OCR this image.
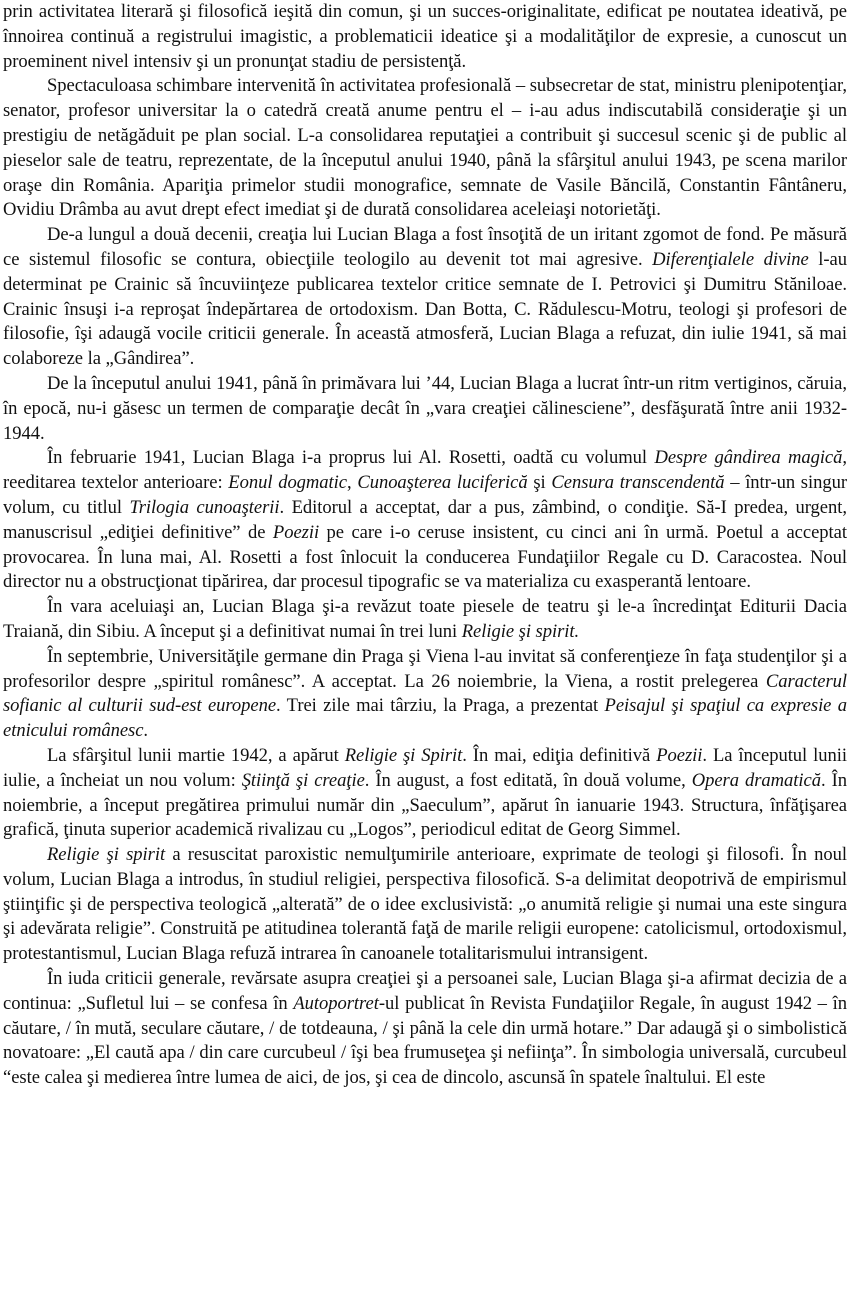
prin activitatea literară şi filosofică ieşită din comun, şi un succes-originalitate, edificat pe noutatea ideativă, pe înnoirea continuă a registrului imagistic, a problematicii ideatice şi a modalităţilor de expresie, a cunoscut un proeminent nivel intensiv şi un pronunţat stadiu de persistenţă.

Spectaculoasa schimbare intervenită în activitatea profesională – subsecretar de stat, ministru plenipotenţiar, senator, profesor universitar la o catedră creată anume pentru el – i-au adus indiscutabilă consideraţie şi un prestigiu de netăgăduit pe plan social. L-a consolidarea reputaţiei a contribuit şi succesul scenic şi de public al pieselor sale de teatru, reprezentate, de la începutul anului 1940, până la sfârşitul anului 1943, pe scena marilor oraşe din România. Apariţia primelor studii monografice, semnate de Vasile Băncilă, Constantin Fântâneru, Ovidiu Drâmba au avut drept efect imediat şi de durată consolidarea aceleiaşi notorietăţi.

De-a lungul a două decenii, creaţia lui Lucian Blaga a fost însoţită de un iritant zgomot de fond. Pe măsură ce sistemul filosofic se contura, obiecţiile teologilo au devenit tot mai agresive. Diferenţialele divine l-au determinat pe Crainic să încuviinţeze publicarea textelor critice semnate de I. Petrovici şi Dumitru Stăniloae. Crainic însuşi i-a reproşat îndepărtarea de ortodoxism. Dan Botta, C. Rădulescu-Motru, teologi şi profesori de filosofie, îşi adaugă vocile criticii generale. În această atmosferă, Lucian Blaga a refuzat, din iulie 1941, să mai colaboreze la „Gândirea”.

De la începutul anului 1941, până în primăvara lui ’44, Lucian Blaga a lucrat într-un ritm vertiginos, căruia, în epocă, nu-i găsesc un termen de comparaţie decât în „vara creaţiei călinesciene”, desfăşurată între anii 1932-1944.

În februarie 1941, Lucian Blaga i-a proprus lui Al. Rosetti, oadtă cu volumul Despre gândirea magică, reeditarea textelor anterioare: Eonul dogmatic, Cunoaşterea luciferică şi Censura transcendentă – într-un singur volum, cu titlul Trilogia cunoaşterii. Editorul a acceptat, dar a pus, zâmbind, o condiţie. Să-I predea, urgent, manuscrisul „ediţiei definitive” de Poezii pe care i-o ceruse insistent, cu cinci ani în urmă. Poetul a acceptat provocarea. În luna mai, Al. Rosetti a fost înlocuit la conducerea Fundaţiilor Regale cu D. Caracostea. Noul director nu a obstrucţionat tipărirea, dar procesul tipografic se va materializa cu exasperantă lentoare.

În vara aceluiaşi an, Lucian Blaga şi-a revăzut toate piesele de teatru şi le-a încredinţat Editurii Dacia Traiană, din Sibiu. A început şi a definitivat numai în trei luni Religie şi spirit.

În septembrie, Universităţile germane din Praga şi Viena l-au invitat să conferenţieze în faţa studenţilor şi a profesorilor despre „spiritul românesc”. A acceptat. La 26 noiembrie, la Viena, a rostit prelegerea Caracterul sofianic al culturii sud-est europene. Trei zile mai târziu, la Praga, a prezentat Peisajul şi spaţiul ca expresie a etnicului românesc.

La sfârşitul lunii martie 1942, a apărut Religie şi Spirit. În mai, ediţia definitivă Poezii. La începutul lunii iulie, a încheiat un nou volum: Ştiinţă şi creaţie. În august, a fost editată, în două volume, Opera dramatică. În noiembrie, a început pregătirea primului număr din „Saeculum”, apărut în ianuarie 1943. Structura, înfăţişarea grafică, ţinuta superior academică rivalizau cu „Logos”, periodicul editat de Georg Simmel.

Religie şi spirit a resuscitat paroxistic nemulţumirile anterioare, exprimate de teologi şi filosofi. În noul volum, Lucian Blaga a introdus, în studiul religiei, perspectiva filosofică. S-a delimitat deopotrivă de empirismul ştiinţific şi de perspectiva teologică „alterată” de o idee exclusivistă: „o anumită religie şi numai una este singura şi adevărata religie”. Construită pe atitudinea tolerantă faţă de marile religii europene: catolicismul, ortodoxismul, protestantismul, Lucian Blaga refuză intrarea în canoanele totalitarismului intransigent.

În iuda criticii generale, revărsate asupra creaţiei şi a persoanei sale, Lucian Blaga şi-a afirmat decizia de a continua: „Sufletul lui – se confesa în Autoportret-ul publicat în Revista Fundaţiilor Regale, în august 1942 – în căutare, / în mută, seculare căutare, / de totdeauna, / şi până la cele din urmă hotare.” Dar adaugă şi o simbolistică novatoare: „El caută apa / din care curcubeul / îşi bea frumuseţea şi nefiinţa”. În simbologia universală, curcubeul “este calea şi medierea între lumea de aici, de jos, şi cea de dincolo, ascunsă în spatele înaltului. El este
